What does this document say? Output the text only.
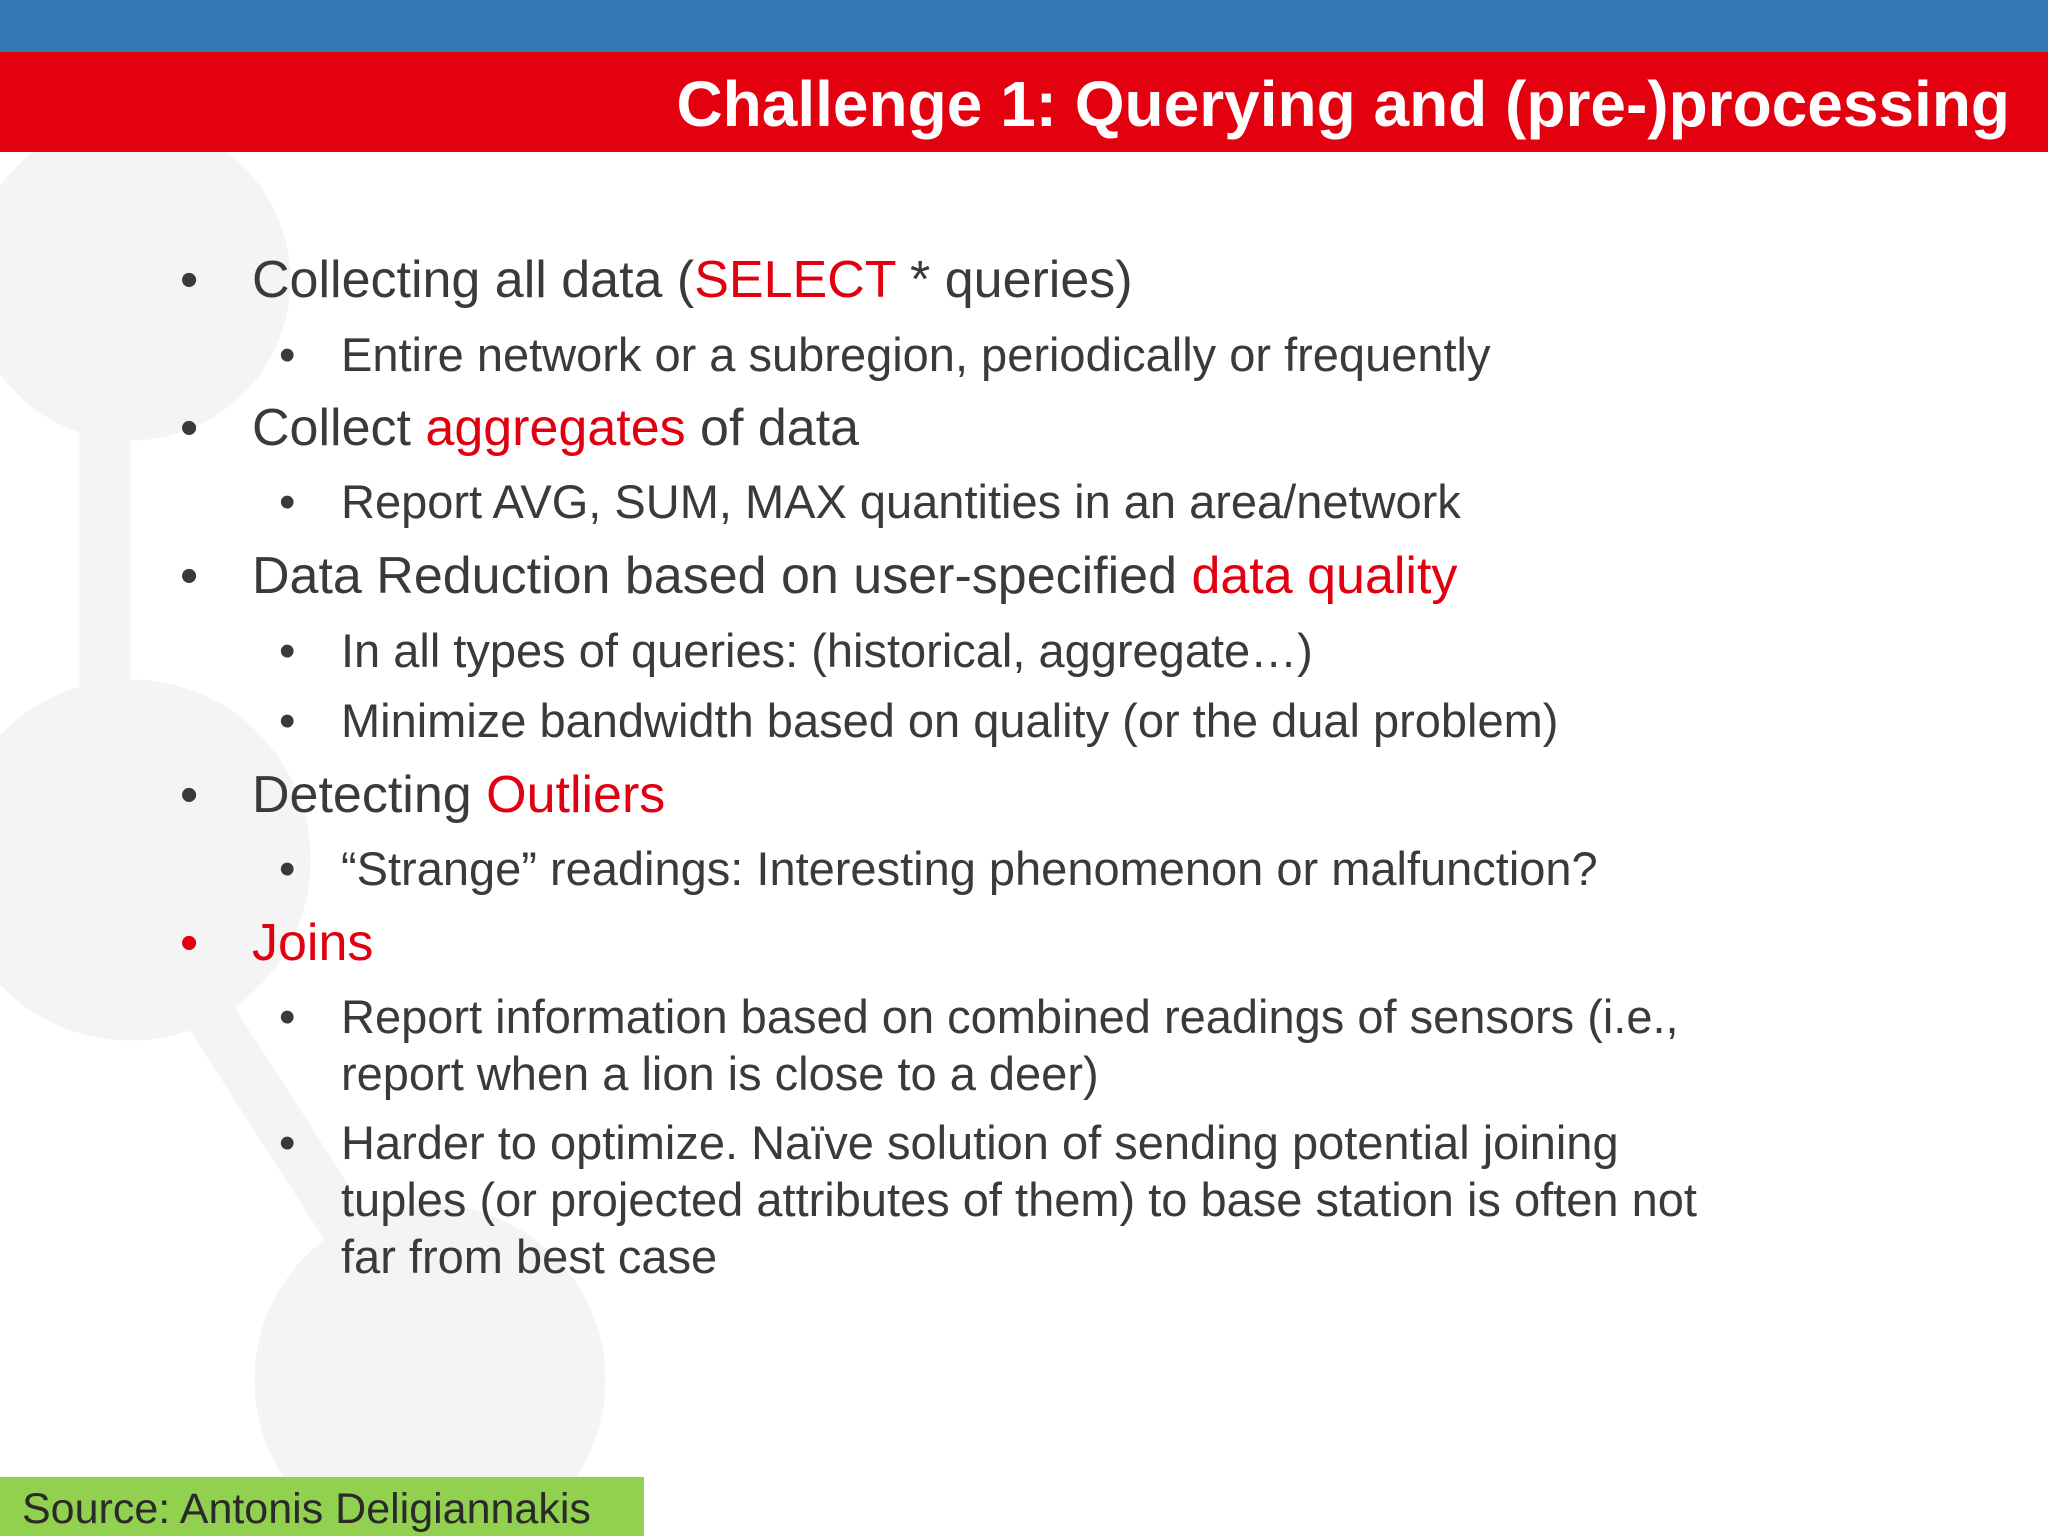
Challenge 1: Querying and (pre-)processing
• Collecting all data (SELECT * queries)
• Entire network or a subregion, periodically or frequently
• Collect aggregates of data
• Report AVG, SUM, MAX quantities in an area/network
• Data Reduction based on user-specified data quality
• In all types of queries: (historical, aggregate…)
• Minimize bandwidth based on quality (or the dual problem)
• Detecting Outliers
• “Strange” readings: Interesting phenomenon or malfunction?
• Joins
• Report information based on combined readings of sensors (i.e.,
report when a lion is close to a deer)
• Harder to optimize. Naïve solution of sending potential joining
tuples (or projected attributes of them) to base station is often not
far from best case
Source: Antonis Deligiannakis
